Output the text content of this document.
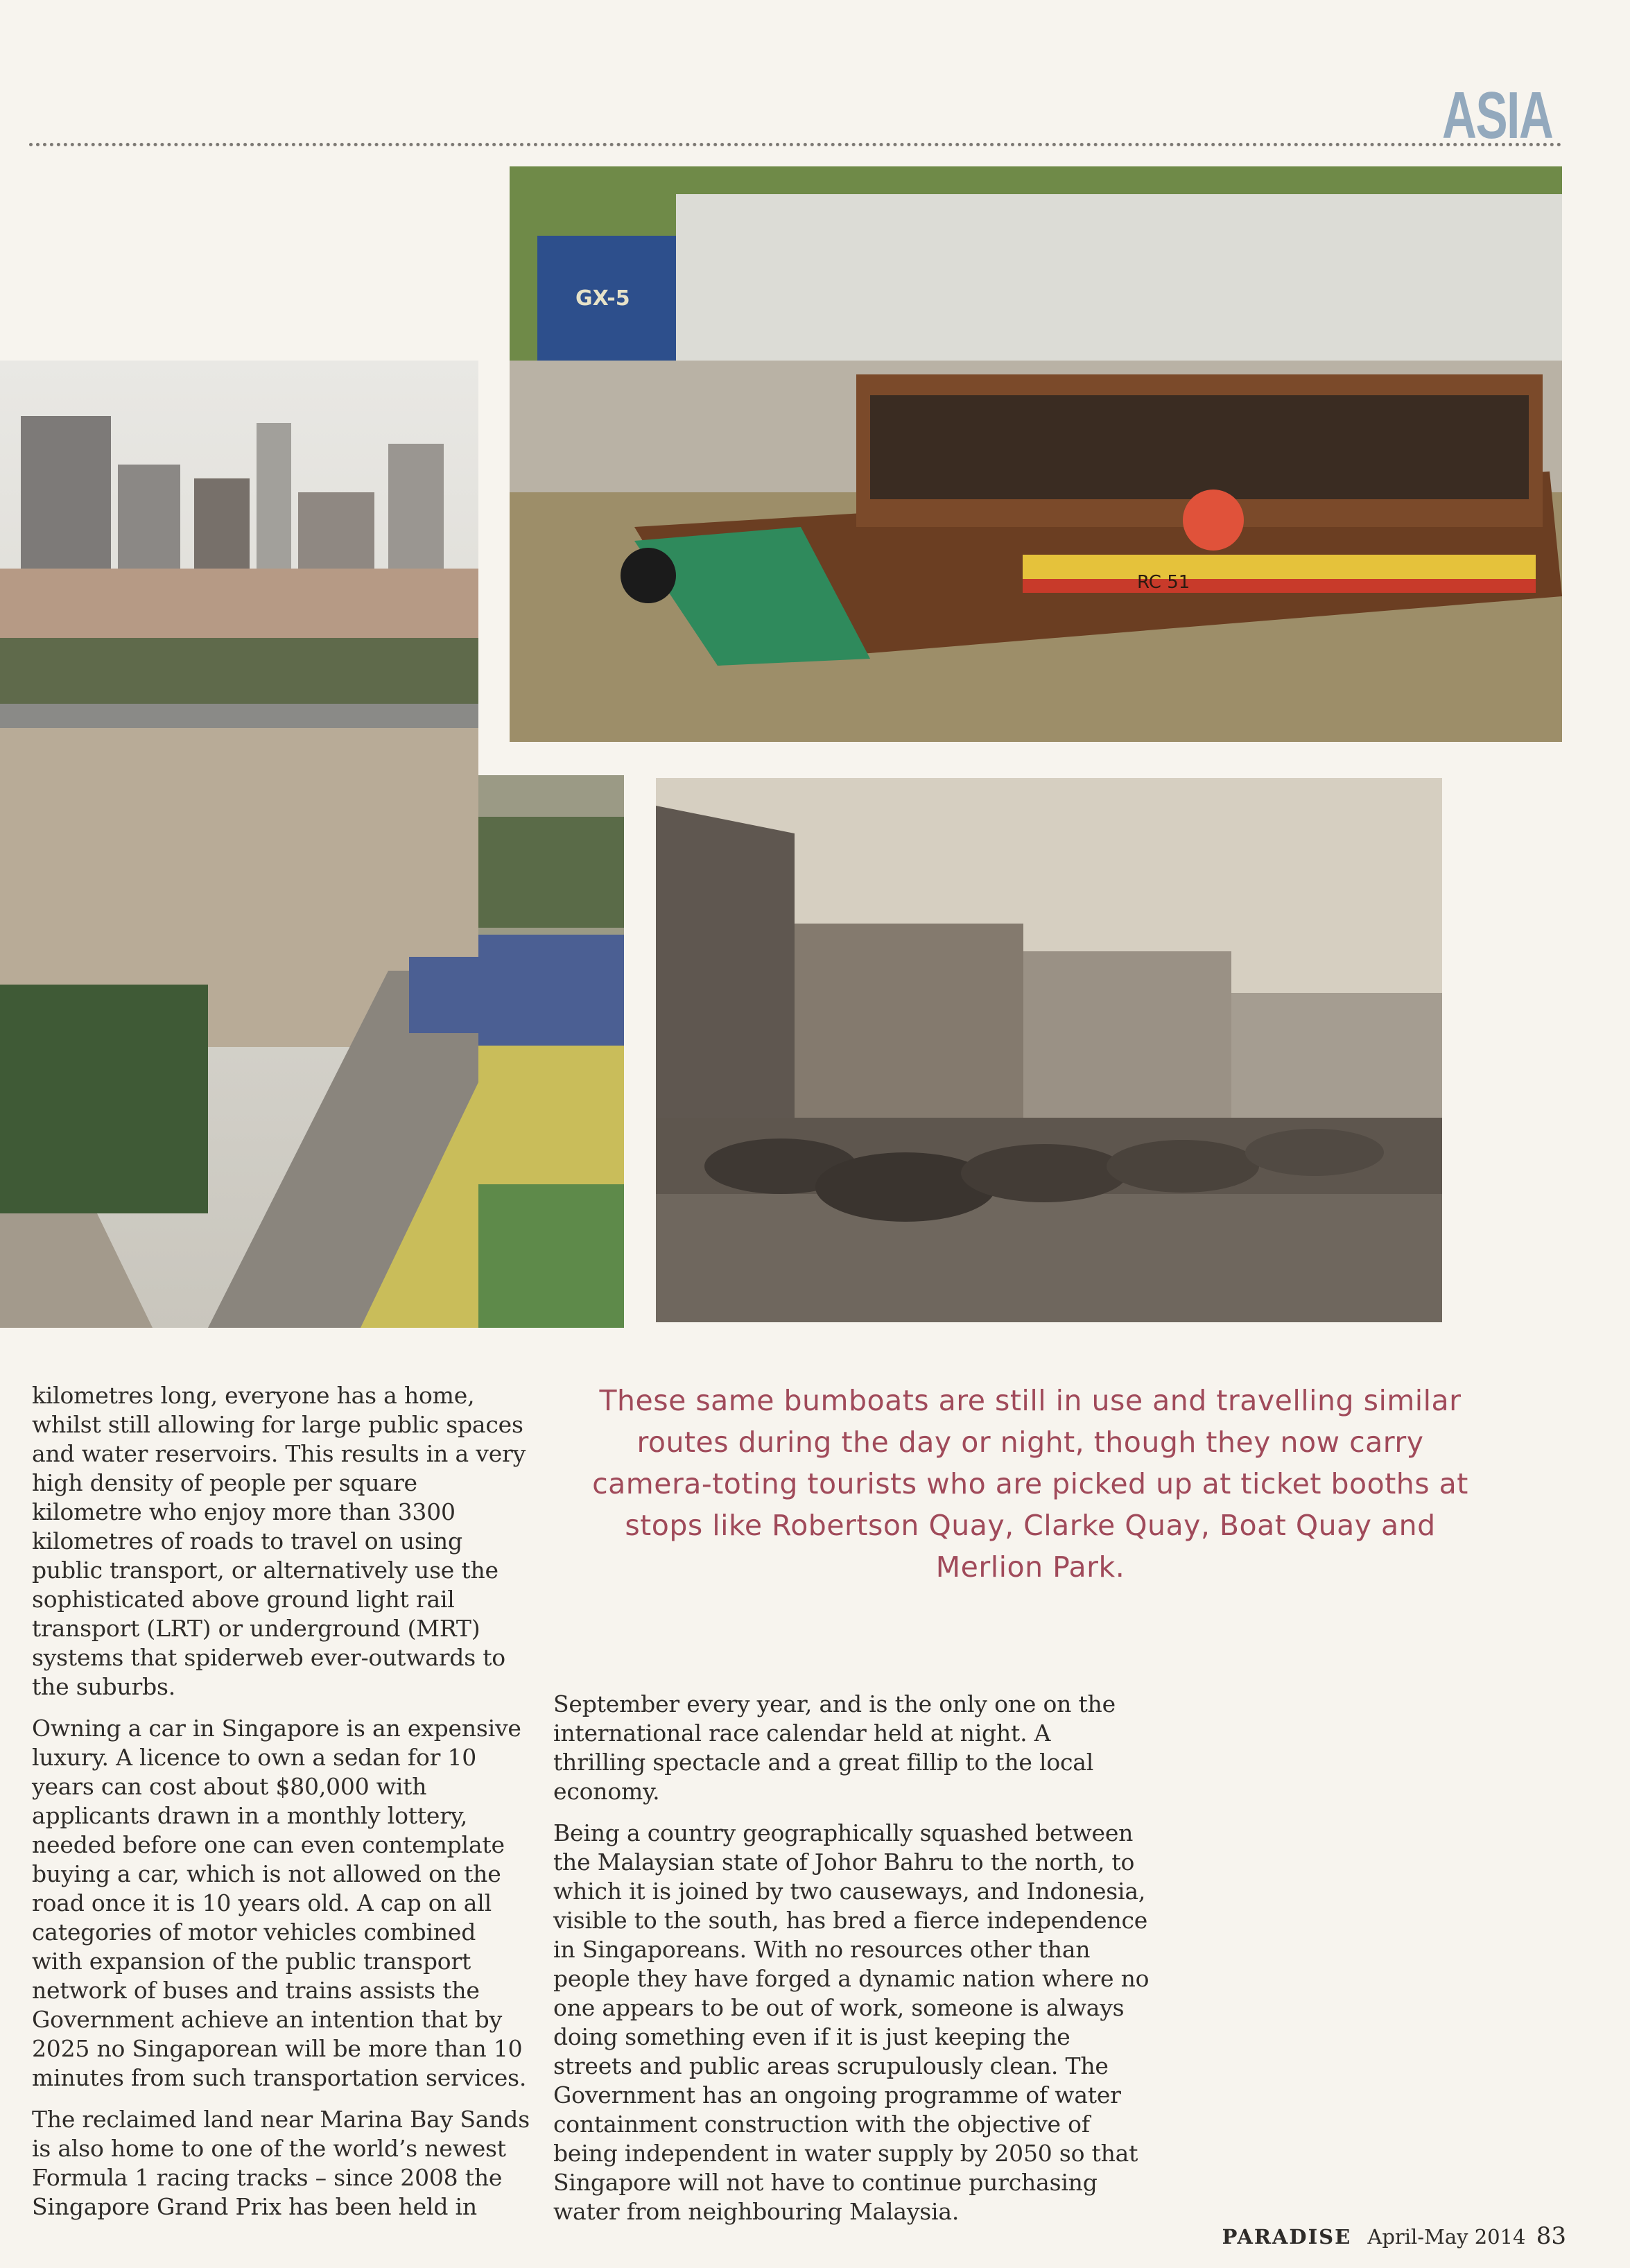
ASIA
RC 51
GX-5
These same bumboats are still in use and travelling similar routes during the day or night, though they now carry camera-toting tourists who are picked up at ticket booths at stops like Robertson Quay, Clarke Quay, Boat Quay and Merlion Park.

kilometres long, everyone has a home, whilst still allowing for large public spaces and water reservoirs. This results in a very high density of people per square kilometre who enjoy more than 3300 kilometres of roads to travel on using public transport, or alternatively use the sophisticated above ground light rail transport (LRT) or underground (MRT) systems that spiderweb ever-outwards to the suburbs.

Owning a car in Singapore is an expensive luxury. A licence to own a sedan for 10 years can cost about $80,000 with applicants drawn in a monthly lottery, needed before one can even contemplate buying a car, which is not allowed on the road once it is 10 years old. A cap on all categories of motor vehicles combined with expansion of the public transport network of buses and trains assists the Government achieve an intention that by 2025 no Singaporean will be more than 10 minutes from such transportation services.

The reclaimed land near Marina Bay Sands is also home to one of the world’s newest Formula 1 racing tracks – since 2008 the Singapore Grand Prix has been held in

September every year, and is the only one on the international race calendar held at night. A thrilling spectacle and a great fillip to the local economy.

Being a country geographically squashed between the Malaysian state of Johor Bahru to the north, to which it is joined by two causeways, and Indonesia, visible to the south, has bred a fierce independence in Singaporeans. With no resources other than people they have forged a dynamic nation where no one appears to be out of work, someone is always doing something even if it is just keeping the streets and public areas scrupulously clean. The Government has an ongoing programme of water containment construction with the objective of being independent in water supply by 2050 so that Singapore will not have to continue purchasing water from neighbouring Malaysia.

PARADISE April-May 2014 83
